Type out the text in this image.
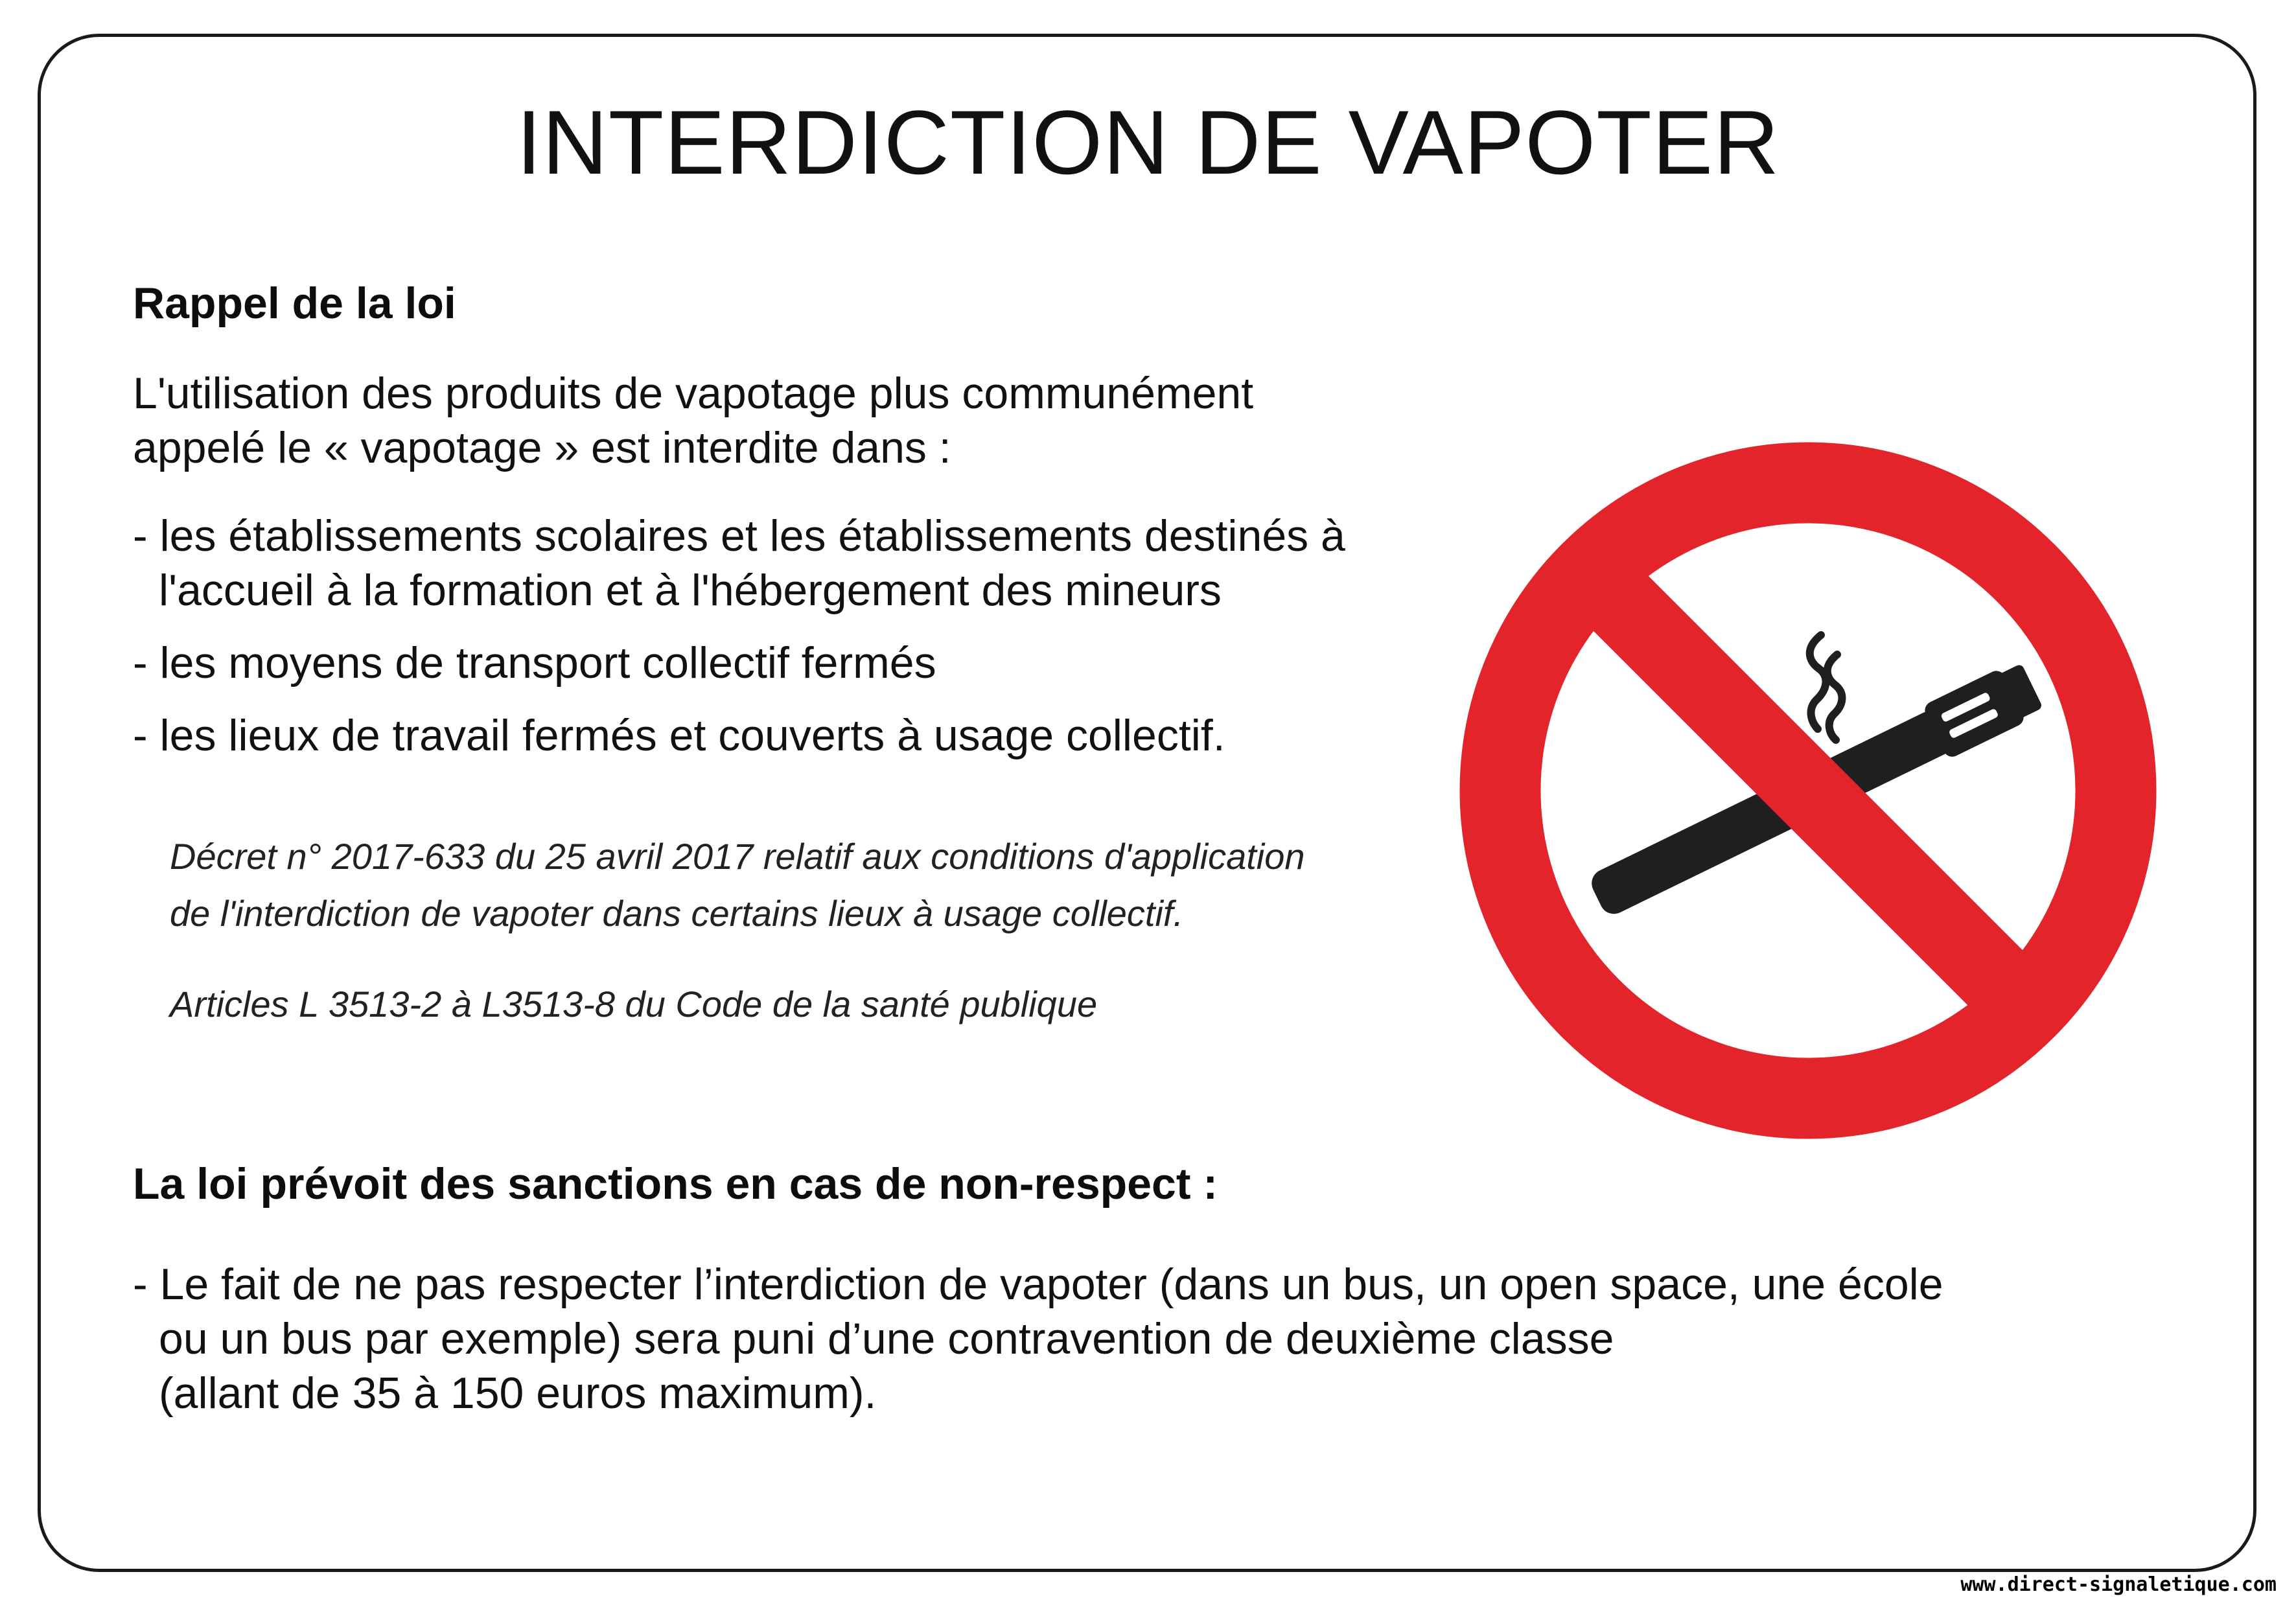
INTERDICTION DE VAPOTER
Rappel de la loi
L'utilisation des produits de vapotage plus communément
appelé le « vapotage » est interdite dans :
- les établissements scolaires et les établissements destinés à
l'accueil à la formation et à l'hébergement des mineurs
- les moyens de transport collectif fermés
- les lieux de travail fermés et couverts à usage collectif.
Décret n° 2017-633 du 25 avril 2017 relatif aux conditions d'application
de l'interdiction de vapoter dans certains lieux à usage collectif.
Articles L 3513-2 à L3513-8 du Code de la santé publique
La loi prévoit des sanctions en cas de non-respect :
- Le fait de ne pas respecter l’interdiction de vapoter (dans un bus, un open space, une école
ou un bus par exemple) sera puni d’une contravention de deuxième classe
(allant de 35 à 150 euros maximum).
www.direct-signaletique.com
